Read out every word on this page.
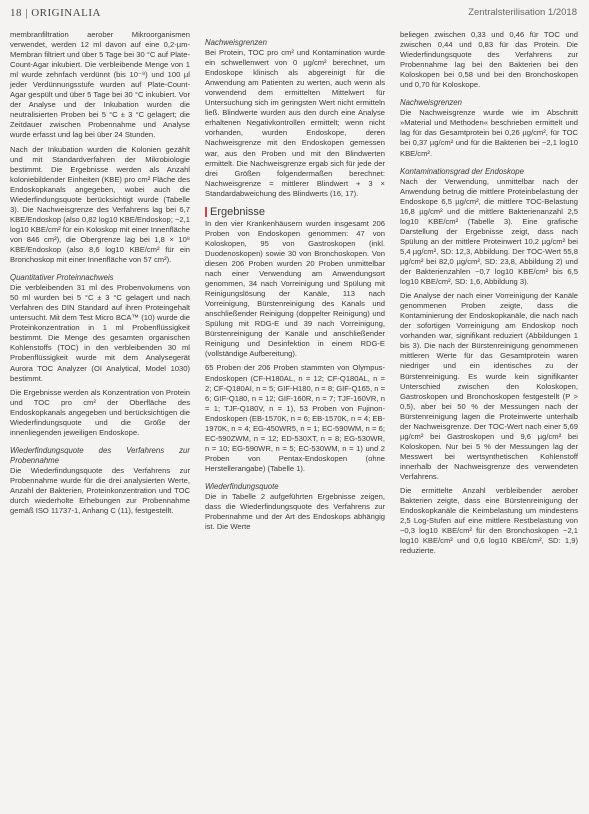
18 | ORIGINALIA	Zentralsterilisation 1/2018
membranfiltration aerober Mikroorganismen verwendet, werden 12 ml davon auf eine 0,2-µm-Membran filtriert und über 5 Tage bei 30 °C auf Plate-Count-Agar inkubiert. Die verbleibende Menge von 1 ml wurde zehnfach verdünnt (bis 10⁻⁸) und 100 µl jeder Verdünnungsstufe wurden auf Plate-Count-Agar gespült und über 5 Tage bei 30 °C inkubiert. Vor der Analyse und der Inkubation wurden die neutralisierten Proben bei 5 °C ± 3 °C gelagert; die Zeitdauer zwischen Probennahme und Analyse wurde erfasst und lag bei über 24 Stunden.
Nach der Inkubation wurden die Kolonien gezählt und mit Standardverfahren der Mikrobiologie bestimmt. Die Ergebnisse werden als Anzahl koloniebildender Einheiten (KBE) pro cm² Fläche des Endoskopkanals angegeben, wobei auch die Wiederfindungsquote berücksichtigt wurde (Tabelle 3). Die Nachweisgrenze des Verfahrens lag bei 6,7 KBE/Endoskop (also 0,82 log10 KBE/Endoskop; −2,1 log10 KBE/cm² für ein Koloskop mit einer Innenfläche von 846 cm²), die Obergrenze lag bei 1,8 × 10⁸ KBE/Endoskop (also 8,6 log10 KBE/cm² für ein Bronchoskop mit einer Innenfläche von 57 cm²).
Quantitativer Proteinnachweis
Die verbleibenden 31 ml des Probenvolumens von 50 ml wurden bei 5 °C ± 3 °C gelagert und nach Verfahren des DIN Standard auf ihren Proteingehalt untersucht. Mit dem Test Micro BCA™ (10) wurde die Proteinkonzentration in 1 ml Probenflüssigkeit bestimmt. Die Menge des gesamten organischen Kohlenstoffs (TOC) in den verbleibenden 30 ml Probenflüssigkeit wurde mit dem Analysegerät Aurora TOC Analyzer (OI Analytical, Model 1030) bestimmt.
Die Ergebnisse werden als Konzentration von Protein und TOC pro cm² der Oberfläche des Endoskopkanals angegeben und berücksichtigen die Wiederfindungsquote und die Größe der innenliegenden jeweiligen Endoskope.
Wiederfindungsquote des Verfahrens zur Probennahme
Die Wiederfindungsquote des Verfahrens zur Probennahme wurde für die drei analysierten Werte, Anzahl der Bakterien, Proteinkonzentration und TOC durch wiederholte Erhebungen zur Probennahme gemäß ISO 11737-1, Anhang C (11), festgestellt.
Nachweisgrenzen
Bei Protein, TOC pro cm² und Kontamination wurde ein schwellenwert von 0 µg/cm² berechnet, um Endoskope klinisch als abgereinigt für die Anwendung am Patienten zu werten, auch wenn als vorwendend dem ermittelten Mittelwert für Untersuchung sich im geringsten Wert nicht ermitteln ließ. Blindwerte wurden aus den durch eine Analyse erhaltenen Negativkontrollen ermittelt; wenn nicht vorhanden, wurden Endoskope, deren Nachweisgrenze mit den Endoskopen gemessen war, aus den Proben und mit den Blindwerten ermittelt. Die Nachweisgrenze ergab sich für jede der drei Größen folgendermaßen berechnet: Nachweisgrenze = mittlerer Blindwert + 3 × Standardabweichung des Blindwerts (16, 17).
Ergebnisse
In den vier Krankenhäusern wurden insgesamt 206 Proben von Endoskopen genommen: 47 von Koloskopen, 95 von Gastroskopen (inkl. Duodenoskopen) sowie 30 von Bronchoskopen. Von diesen 206 Proben wurden 20 Proben unmittelbar nach einer Verwendung am Anwendungsort genommen, 34 nach Vorreinigung und Spülung mit Reinigungslösung der Kanäle, 113 nach Vorreinigung, Bürstenreinigung des Kanals und anschließender Reinigung (doppelter Reinigung) und Spülung mit RDG-E und 39 nach Vorreinigung, Bürstenreinigung der Kanäle und anschließender Reinigung und Desinfektion in einem RDG-E (vollständige Aufbereitung).
65 Proben der 206 Proben stammten von Olympus-Endoskopen (CF-H180AL, n = 12; CF-Q180AL, n = 2; CF-Q180AI, n = 5; GIF-H180, n = 8; GIF-Q165, n = 6; GIF-Q180, n = 12; GIF-160R, n = 7; TJF-160VR, n = 1; TJF-Q180V, n = 1), 53 Proben von Fujinon-Endoskopen (EB-1570K, n = 6; EB-1570K, n = 4; EB-1970K, n = 4; EG-450WR5, n = 1; EC-590WM, n = 6; EC-590ZWM, n = 12; ED-530XT, n = 8; EG-530WR, n = 10; EG-590WR, n = 5; EC-530WM, n = 1) und 2 Proben von Pentax-Endoskopen (ohne Herstellerangabe) (Tabelle 1).
Wiederfindungsquote
Die in Tabelle 2 aufgeführten Ergebnisse zeigen, dass die Wiederfindungsquote des Verfahrens zur Probennahme und der Art des Endoskops abhängig ist. Die Werte
beliegen zwischen 0,33 und 0,46 für TOC und zwischen 0,44 und 0,83 für das Protein. Die Wiederfindungsquote des Verfahrens zur Probennahme lag bei den Bakterien bei den Koloskopen bei 0,58 und bei den Bronchoskopen und 0,70 für Koloskope.
Nachweisgrenzen
Die Nachweisgrenze wurde wie im Abschnitt »Material und Methoden« beschrieben ermittelt und lag für das Gesamtprotein bei 0,26 µg/cm², für TOC bei 0,37 µg/cm² und für die Bakterien bei −2,1 log10 KBE/cm².
Kontaminationsgrad der Endoskope
Nach der Verwendung, unmittelbar nach der Anwendung betrug die mittlere Proteinbelastung der Endoskope 6,5 µg/cm², die mittlere TOC-Belastung 16,8 µg/cm² und die mittlere Bakterienanzahl 2,5 log10 KBE/cm² (Tabelle 3). Eine grafische Darstellung der Ergebnisse zeigt, dass nach Spülung an der mittlere Proteinwert 10,2 µg/cm² bei 5,4 µg/cm², SD: 12,3, Abbildung. Der TOC-Wert 55,8 µg/cm² bei 82,0 µg/cm², SD: 23,8, Abbildung 2) und der Bakterienzahlen −0,7 log10 KBE/cm² bis 6,5 log10 KBE/cm², SD: 1,6, Abbildung 3).
Die Analyse der nach einer Vorreinigung der Kanäle genommenen Proben zeigte, dass die Kontaminierung der Endoskopkanäle, die nach nach der sofortigen Vorreinigung am Endoskop noch vorhanden war, signifikant reduziert (Abbildungen 1 bis 3). Die nach der Bürstenreinigung genommenen mittleren Werte für das Gesamtprotein waren niedriger und ein identisches zu der Bürstenreinigung. Es wurde kein signifikanter Unterschied zwischen den Koloskopen, Gastroskopen und Bronchoskopen festgestellt (P > 0,5), aber bei 50 % der Messungen nach der Bürstenreinigung lagen die Proteinwerte unterhalb der Nachweisgrenze. Der TOC-Wert nach einer 5,69 µg/cm² bei Gastroskopen und 9,6 µg/cm² bei Koloskopen. Nur bei 5 % der Messungen lag der Messwert bei wertsynthetischen Kohlenstoff innerhalb der Nachweisgrenze des verwendeten Verfahrens.
Die ermittelte Anzahl verbleibender aerober Bakterien zeigte, dass eine Bürstenreinigung der Endoskopkanäle die Keimbelastung um mindestens 2,5 Log-Stufen auf eine mittlere Restbelastung von −0,3 log10 KBE/cm² für den Bronchoskopen −2,1 log10 KBE/cm² und 0,6 log10 KBE/cm², SD: 1,9) reduzierte.
